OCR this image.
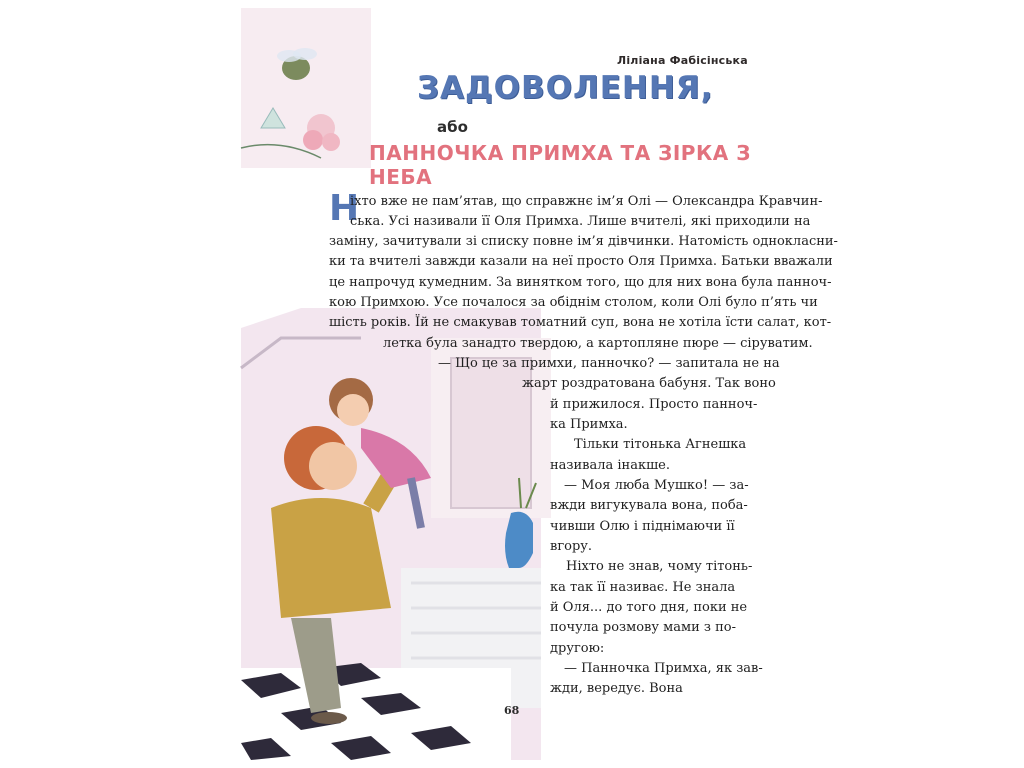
Ліліана Фабісінська
ЗАДОВОЛЕННЯ,
або
ПАННОЧКА ПРИМХА ТА ЗІРКА З НЕБА
Н
іхто вже не пам’ятав, що справжнє ім’я Олі — Олександра Кравчин-
ська. Усі називали її Оля Примха. Лише вчителі, які приходили на
заміну, зачитували зі списку повне ім’я дівчинки. Натомість однокласни-
ки та вчителі завжди казали на неї просто Оля Примха. Батьки вважали
це напрочуд кумедним. За винятком того, що для них вона була панноч-
кою Примхою. Усе почалося за обіднім столом, коли Олі було п’ять чи
шість років. Їй не смакував томатний суп, вона не хотіла їсти салат, кот-
летка була занадто твердою, а картопляне пюре — сіруватим.
— Що це за примхи, панночко? — запитала не на
жарт роздратована бабуня. Так воно
й прижилося. Просто панноч-
ка Примха.
Тільки тітонька Агнешка
називала інакше.
— Моя люба Мушко! — за-
вжди вигукувала вона, поба-
чивши Олю і піднімаючи її
вгору.
Ніхто не знав, чому тітонь-
ка так її називає. Не знала
й Оля... до того дня, поки не
почула розмову мами з по-
другою:
— Панночка Примха, як зав-
жди, вередує. Вона
68
